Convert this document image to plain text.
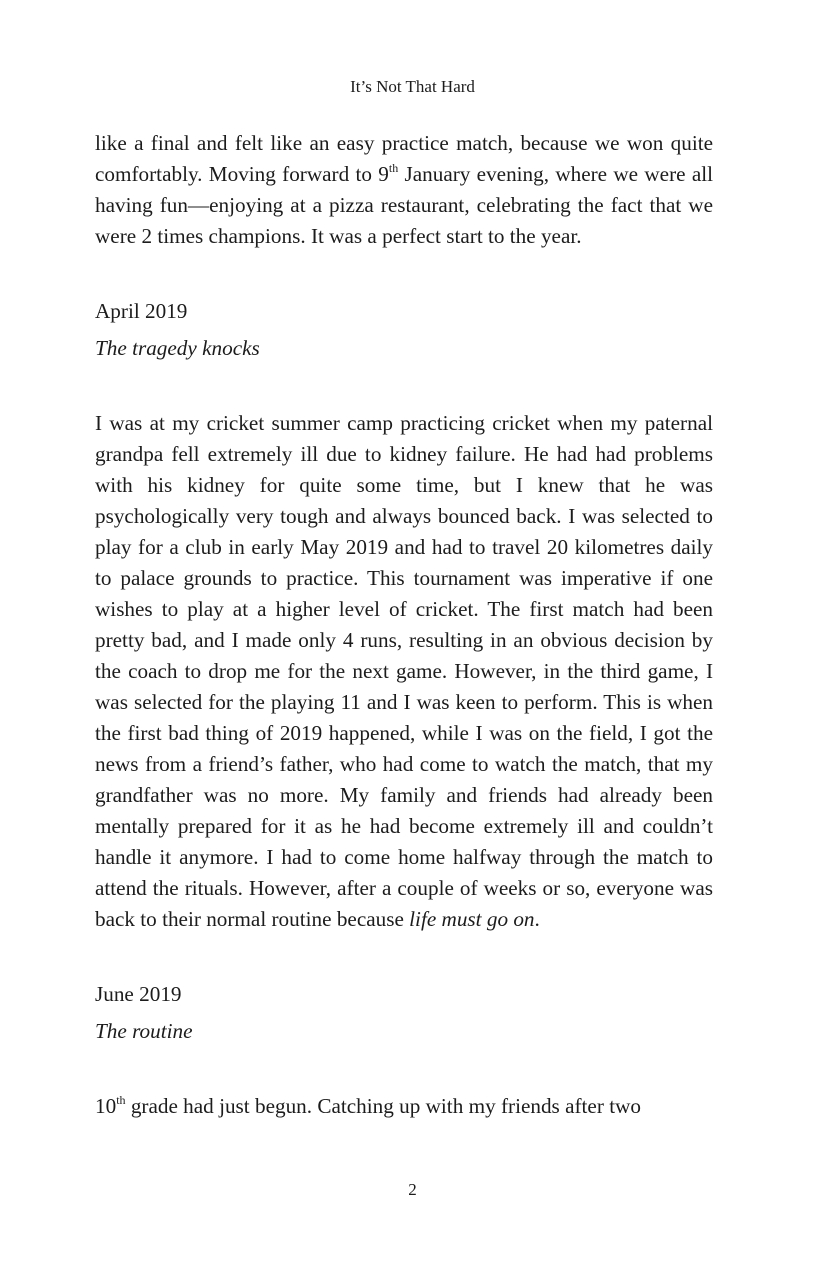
It’s Not That Hard

like a final and felt like an easy practice match, because we won quite comfortably. Moving forward to 9th January evening, where we were all having fun—enjoying at a pizza restaurant, celebrating the fact that we were 2 times champions. It was a perfect start to the year.

April 2019

The tragedy knocks

I was at my cricket summer camp practicing cricket when my paternal grandpa fell extremely ill due to kidney failure. He had had problems with his kidney for quite some time, but I knew that he was psychologically very tough and always bounced back. I was selected to play for a club in early May 2019 and had to travel 20 kilometres daily to palace grounds to practice. This tournament was imperative if one wishes to play at a higher level of cricket. The first match had been pretty bad, and I made only 4 runs, resulting in an obvious decision by the coach to drop me for the next game. However, in the third game, I was selected for the playing 11 and I was keen to perform. This is when the first bad thing of 2019 happened, while I was on the field, I got the news from a friend’s father, who had come to watch the match, that my grandfather was no more. My family and friends had already been mentally prepared for it as he had become extremely ill and couldn’t handle it anymore. I had to come home halfway through the match to attend the rituals. However, after a couple of weeks or so, everyone was back to their normal routine because life must go on.

June 2019

The routine

10th grade had just begun. Catching up with my friends after two

2
